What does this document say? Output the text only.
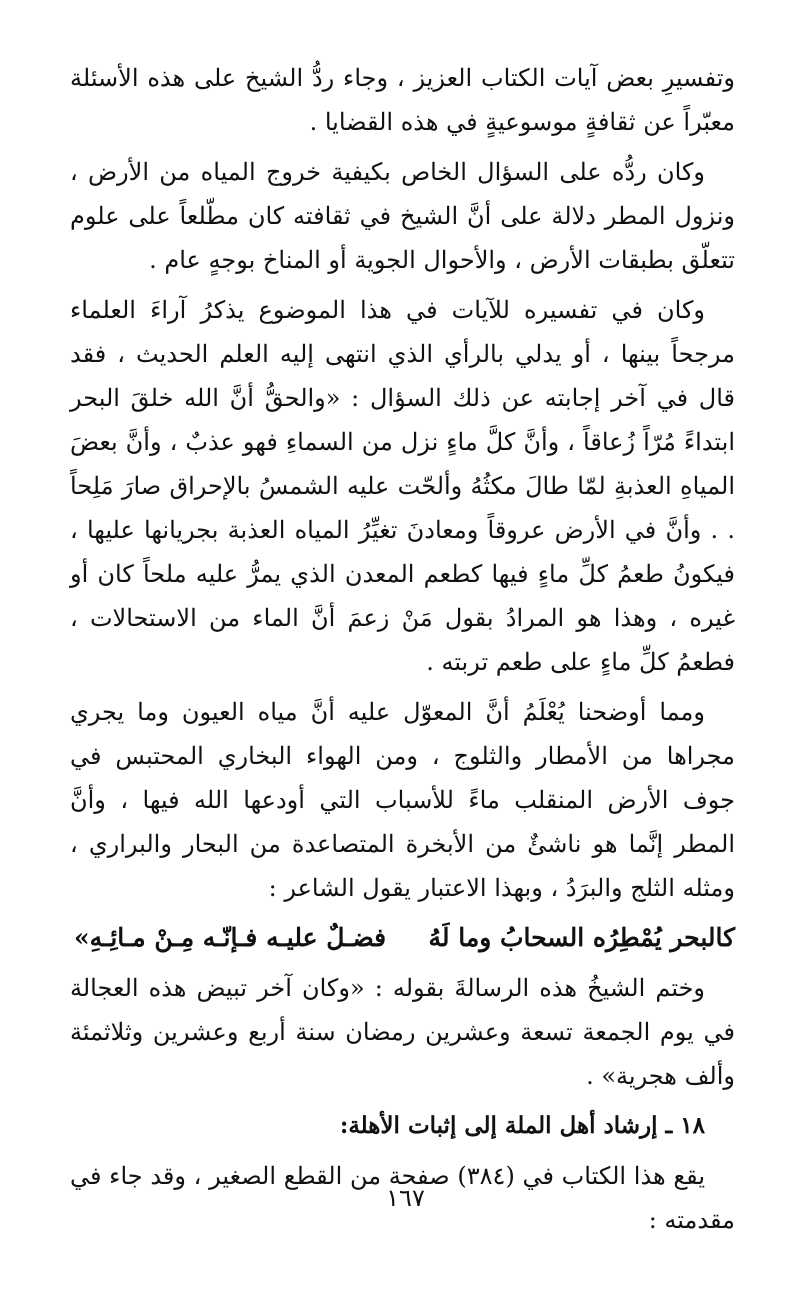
وتفسيرِ بعض آيات الكتاب العزيز ، وجاء ردُّ الشيخ على هذه الأسئلة معبّراً عن ثقافةٍ موسوعيةٍ في هذه القضايا .

وكان ردُّه على السؤال الخاص بكيفية خروج المياه من الأرض ، ونزول المطر دلالة على أنَّ الشيخ في ثقافته كان مطّلعاً على علوم تتعلّق بطبقات الأرض ، والأحوال الجوية أو المناخ بوجهٍ عام .

وكان في تفسيره للآيات في هذا الموضوع يذكرُ آراءَ العلماء مرجحاً بينها ، أو يدلي بالرأي الذي انتهى إليه العلم الحديث ، فقد قال في آخر إجابته عن ذلك السؤال : «والحقُّ أنَّ الله خلقَ البحر ابتداءً مُرّاً زُعاقاً ، وأنَّ كلَّ ماءٍ نزل من السماءِ فهو عذبٌ ، وأنَّ بعضَ المياهِ العذبةِ لمّا طالَ مكثُهُ وألحّت عليه الشمسُ بالإحراق صارَ مَلِحاً . . وأنَّ في الأرض عروقاً ومعادنَ تغيِّرُ المياه العذبة بجريانها عليها ، فيكونُ طعمُ كلِّ ماءٍ فيها كطعم المعدن الذي يمرُّ عليه ملحاً كان أو غيره ، وهذا هو المرادُ بقول مَنْ زعمَ أنَّ الماء من الاستحالات ، فطعمُ كلِّ ماءٍ على طعم تربته .

ومما أوضحنا يُعْلَمُ أنَّ المعوّل عليه أنَّ مياه العيون وما يجري مجراها من الأمطار والثلوج ، ومن الهواء البخاري المحتبس في جوف الأرض المنقلب ماءً للأسباب التي أودعها الله فيها ، وأنَّ المطر إنَّما هو ناشئٌ من الأبخرة المتصاعدة من البحار والبراري ، ومثله الثلج والبرَدُ ، وبهذا الاعتبار يقول الشاعر :

كالبحر يُمْطِرُه السحابُ وما لَهُ
فضـلٌ عليـه فـإنّـه مِـنْ مـائِـهِ»

وختم الشيخُ هذه الرسالةَ بقوله : «وكان آخر تبيض هذه العجالة في يوم الجمعة تسعة وعشرين رمضان سنة أربع وعشرين وثلاثمئة وألف هجرية» .

١٨ ـ إرشاد أهل الملة إلى إثبات الأهلة:

يقع هذا الكتاب في (٣٨٤) صفحة من القطع الصغير ، وقد جاء في مقدمته :

١٦٧
